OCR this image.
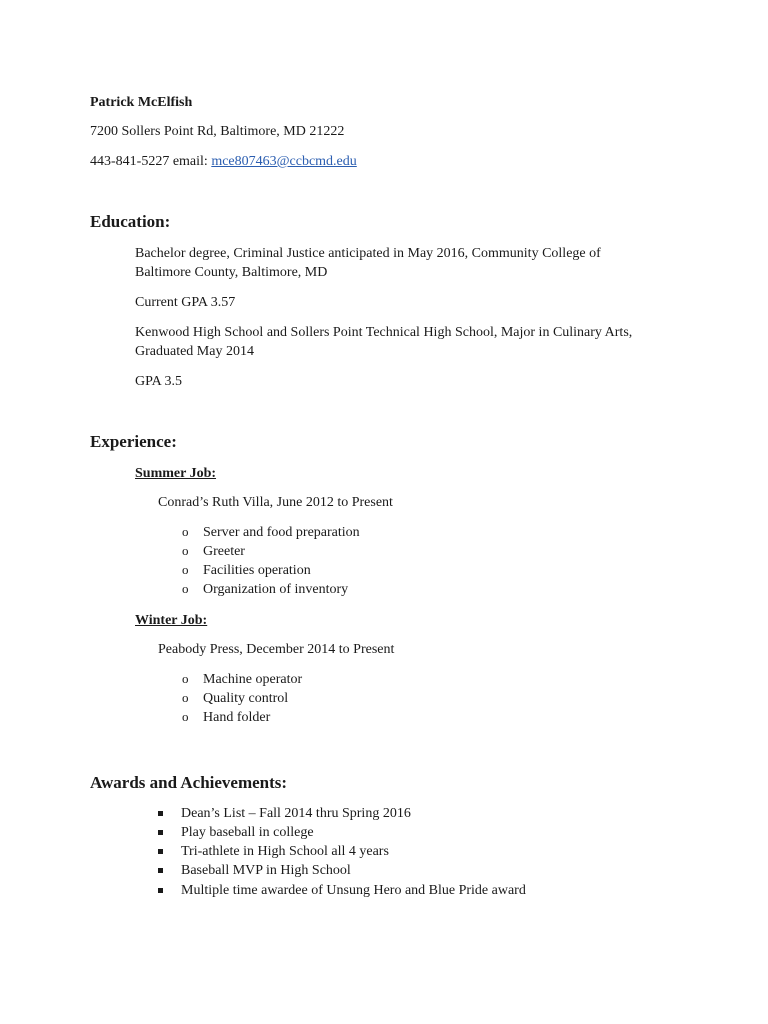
Patrick McElfish
7200 Sollers Point Rd, Baltimore, MD 21222
443-841-5227 email: mce807463@ccbcmd.edu
Education:
Bachelor degree, Criminal Justice anticipated in May 2016, Community College of
Baltimore County, Baltimore, MD
Current GPA 3.57
Kenwood High School and Sollers Point Technical High School, Major in Culinary Arts,
Graduated May 2014
GPA 3.5
Experience:
Summer Job:
Conrad’s Ruth Villa, June 2012 to Present
o Server and food preparation
o Greeter
o Facilities operation
o Organization of inventory
Winter Job:
Peabody Press, December 2014 to Present
o Machine operator
o Quality control
o Hand folder
Awards and Achievements:
Dean’s List – Fall 2014 thru Spring 2016
Play baseball in college
Tri-athlete in High School all 4 years
Baseball MVP in High School
Multiple time awardee of Unsung Hero and Blue Pride award
